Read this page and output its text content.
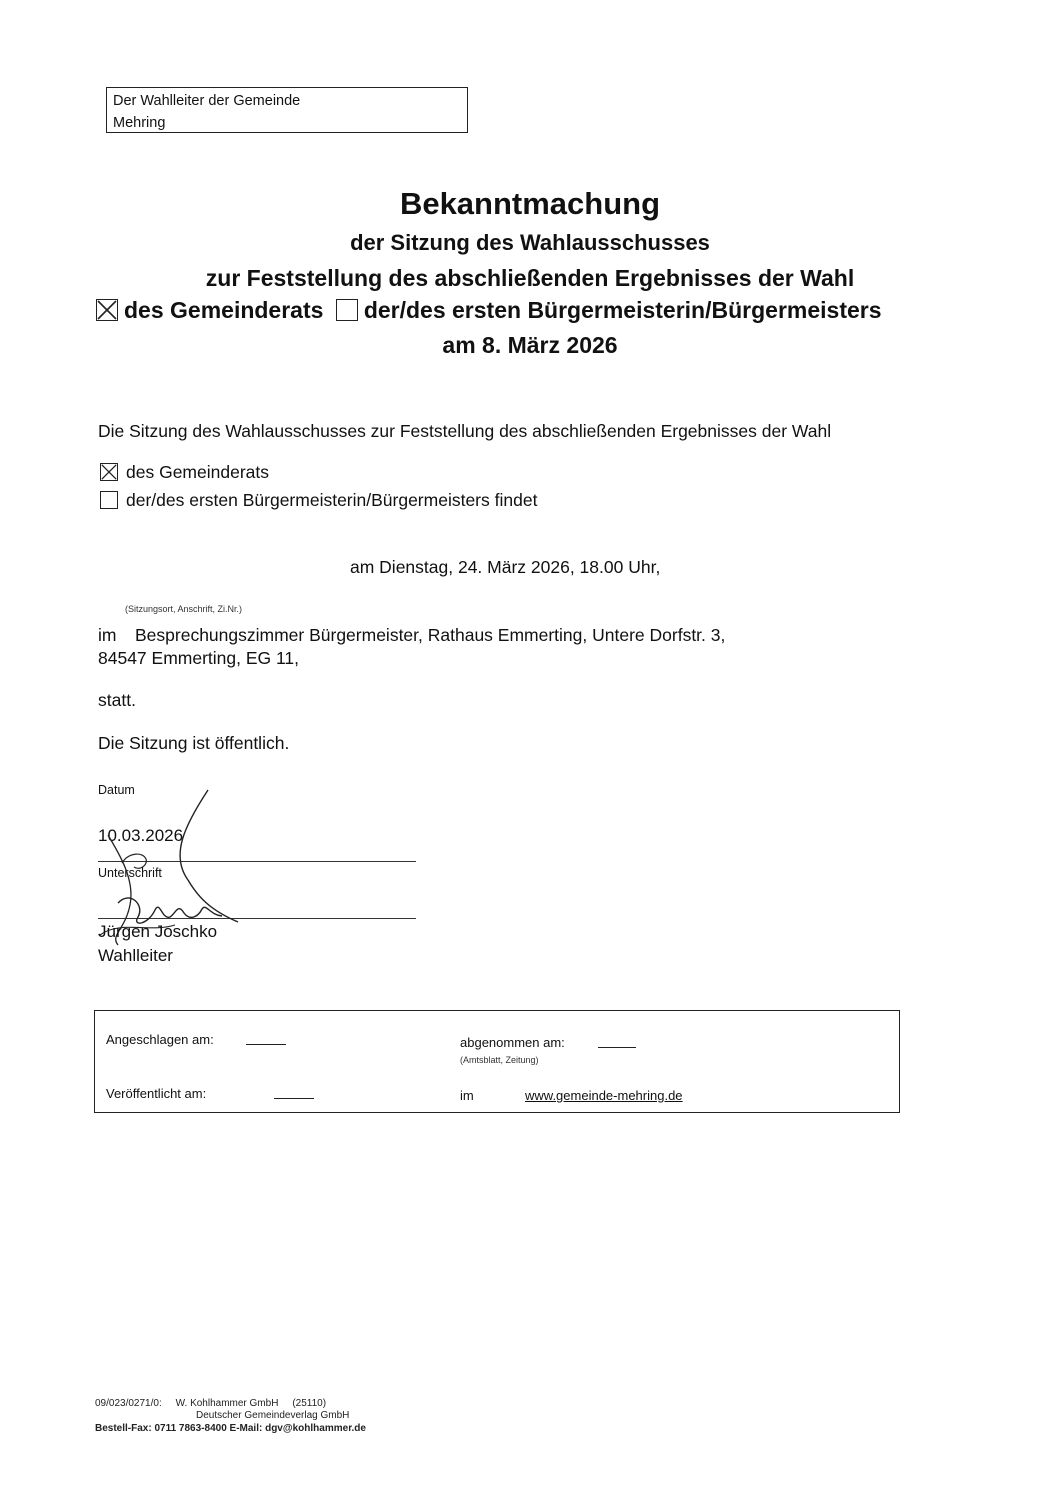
Der Wahlleiter der Gemeinde
Mehring
Bekanntmachung
der Sitzung des Wahlausschusses
zur Feststellung des abschließenden Ergebnisses der Wahl
des Gemeinderats der/des ersten Bürgermeisterin/Bürgermeisters
am 8. März 2026
Die Sitzung des Wahlausschusses zur Feststellung des abschließenden Ergebnisses der Wahl
des Gemeinderats
der/des ersten Bürgermeisterin/Bürgermeisters findet
am Dienstag, 24. März 2026, 18.00 Uhr,
(Sitzungsort, Anschrift, Zi.Nr.)
im Besprechungszimmer Bürgermeister, Rathaus Emmerting, Untere Dorfstr. 3,
84547 Emmerting, EG 11,
statt.
Die Sitzung ist öffentlich.
Datum
10.03.2026
Unterschrift
Jürgen Joschko
Wahlleiter
Angeschlagen am:	abgenommen am:
(Amtsblatt, Zeitung)
Veröffentlicht am:	im	www.gemeinde-mehring.de
09/023/0271/0:     W. Kohlhammer GmbH     (25110)
Deutscher Gemeindeverlag GmbH
Bestell-Fax: 0711 7863-8400 E-Mail: dgv@kohlhammer.de
